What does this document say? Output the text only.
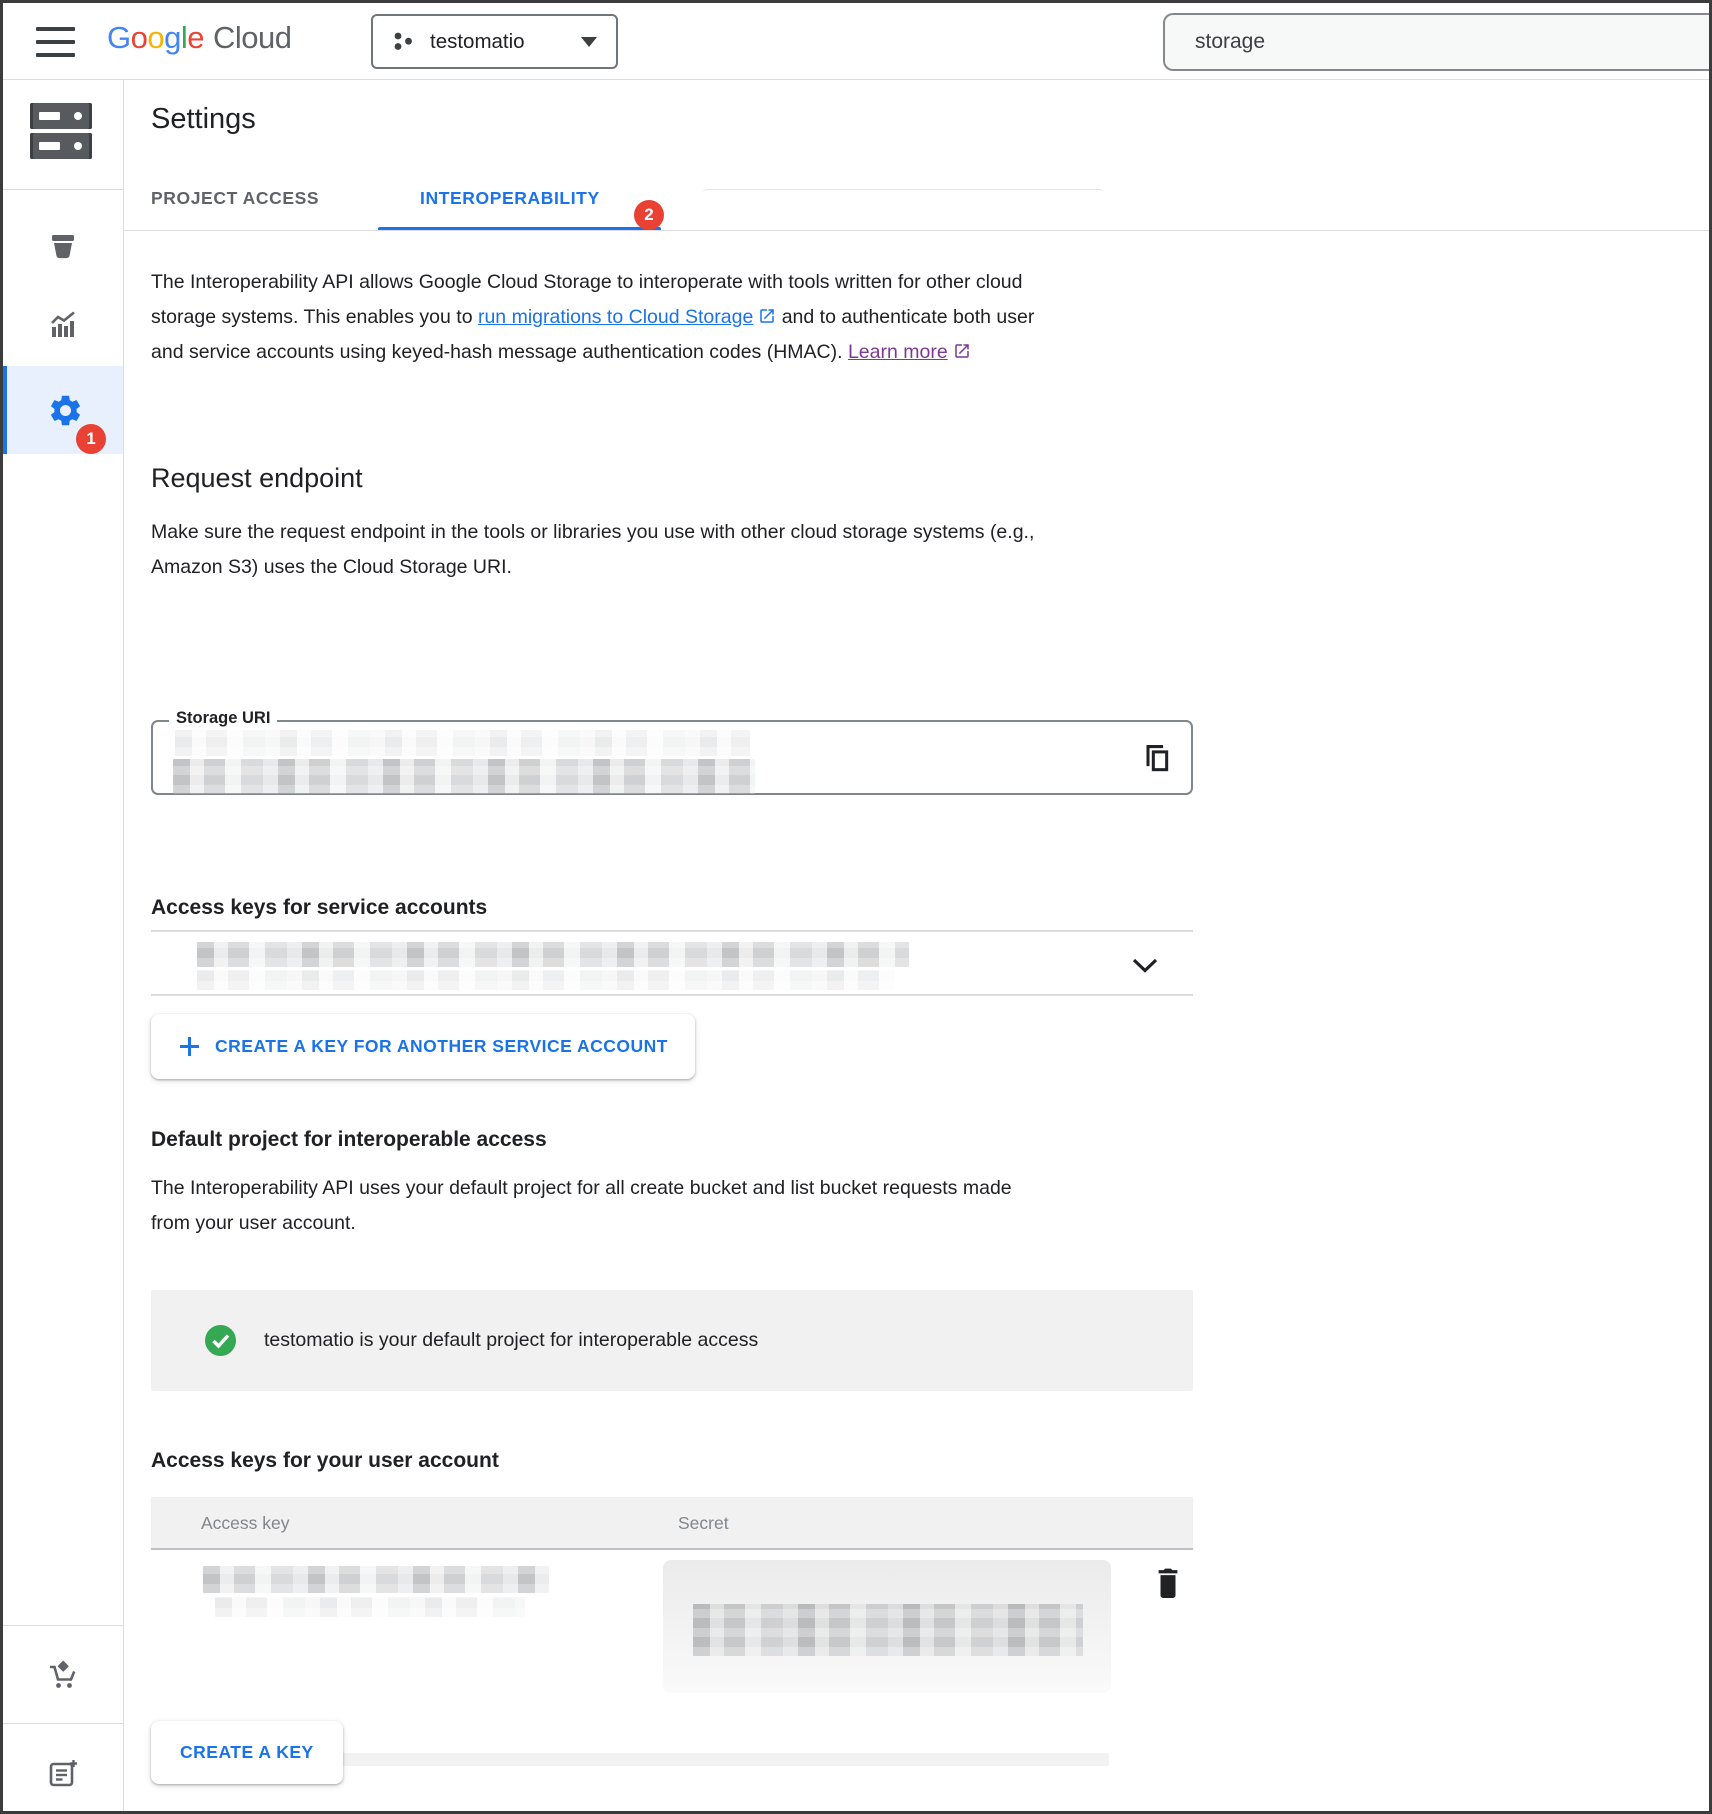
Google Cloud	testomatio
storage
1
Settings
PROJECT ACCESS	INTEROPERABILITY
2
The Interoperability API allows Google Cloud Storage to interoperate with tools written for other cloud storage systems. This enables you to run migrations to Cloud Storage and to authenticate both user and service accounts using keyed-hash message authentication codes (HMAC). Learn more
Request endpoint
Make sure the request endpoint in the tools or libraries you use with other cloud storage systems (e.g., Amazon S3) uses the Cloud Storage URI.
Storage URI
Access keys for service accounts
CREATE A KEY FOR ANOTHER SERVICE ACCOUNT
Default project for interoperable access
The Interoperability API uses your default project for all create bucket and list bucket requests made from your user account.
testomatio is your default project for interoperable access
Access keys for your user account
Access key	Secret
CREATE A KEY
